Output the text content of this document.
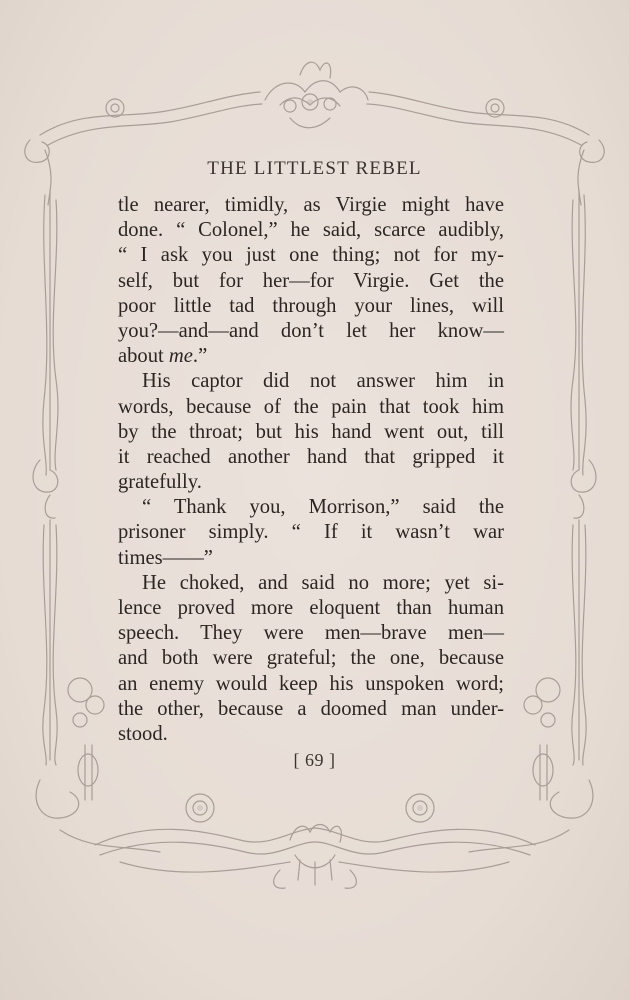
THE LITTLEST REBEL
tle nearer, timidly, as Virgie might have
done. “ Colonel,” he said, scarce audibly,
“ I ask you just one thing; not for my-
self, but for her—for Virgie. Get the
poor little tad through your lines, will
you?—and—and don’t let her know—
about me.”
His captor did not answer him in
words, because of the pain that took him
by the throat; but his hand went out, till
it reached another hand that gripped it
gratefully.
“ Thank you, Morrison,” said the
prisoner simply. “ If it wasn’t war
times——”
He choked, and said no more; yet si-
lence proved more eloquent than human
speech. They were men—brave men—
and both were grateful; the one, because
an enemy would keep his unspoken word;
the other, because a doomed man under-
stood.
[ 69 ]
